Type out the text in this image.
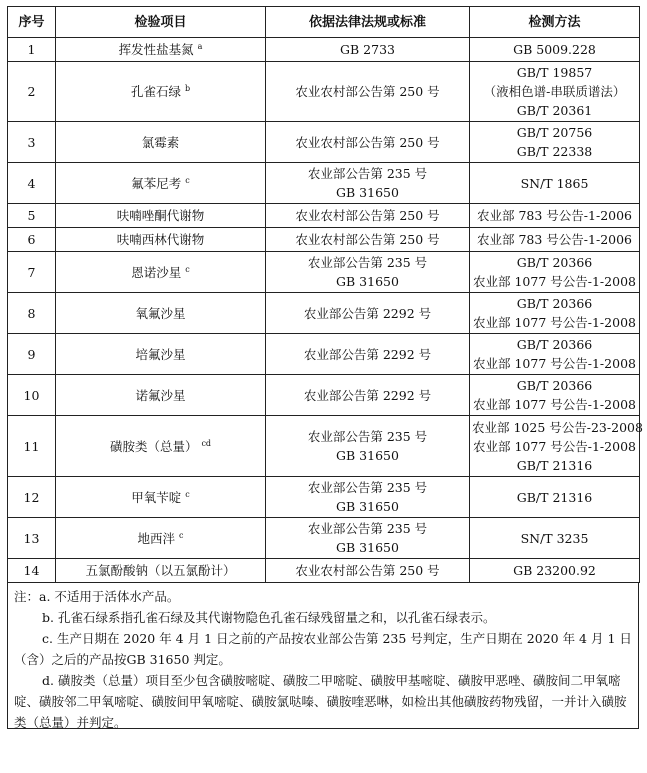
序号	检验项目	依据法律法规或标准	检测方法
1	挥发性盐基氮 $^a$	GB 2733	GB 5009.228

2	孔雀石绿 $^b$	农业农村部公告第 250 号	GB/T 19857
（液相色谱-串联质谱法）
GB/T 20361

3	氯霉素	农业农村部公告第 250 号	GB/T 20756
GB/T 22338

4	氟苯尼考 $^c$	农业部公告第 235 号
GB 31650	SN/T 1865

5	呋喃唑酮代谢物	农业农村部公告第 250 号	农业部 783 号公告-1-2006

6	呋喃西林代谢物	农业农村部公告第 250 号	农业部 783 号公告-1-2006

7	恩诺沙星 $^c$	农业部公告第 235 号
GB 31650	GB/T 20366
农业部 1077 号公告-1-2008

8	氧氟沙星	农业部公告第 2292 号	GB/T 20366
农业部 1077 号公告-1-2008

9	培氟沙星	农业部公告第 2292 号	GB/T 20366
农业部 1077 号公告-1-2008

10	诺氟沙星	农业部公告第 2292 号	GB/T 20366
农业部 1077 号公告-1-2008

11	磺胺类（总量） $^{cd}$	农业部公告第 235 号
GB 31650	农业部 1025 号公告-23-2008
农业部 1077 号公告-1-2008
GB/T 21316

12	甲氧苄啶 $^c$	农业部公告第 235 号
GB 31650	GB/T 21316

13	地西泮 $^c$	农业部公告第 235 号
GB 31650	SN/T 3235

14	五氯酚酸钠（以五氯酚计）	农业农村部公告第 250 号	GB 23200.92
注：a. 不适用于活体水产品。
b. 孔雀石绿系指孔雀石绿及其代谢物隐色孔雀石绿残留量之和，以孔雀石绿表示。
c. 生产日期在 2020 年 4 月 1 日之前的产品按农业部公告第 235 号判定，生产日期在 2020 年 4 月 1 日（含）之后的产品按GB 31650 判定。
d. 磺胺类（总量）项目至少包含磺胺嘧啶、磺胺二甲嘧啶、磺胺甲基嘧啶、磺胺甲恶唑、磺胺间二甲氧嘧啶、磺胺邻二甲氧嘧啶、磺胺间甲氧嘧啶、磺胺氯哒嗪、磺胺喹恶啉，如检出其他磺胺药物残留，一并计入磺胺类（总量）并判定。
